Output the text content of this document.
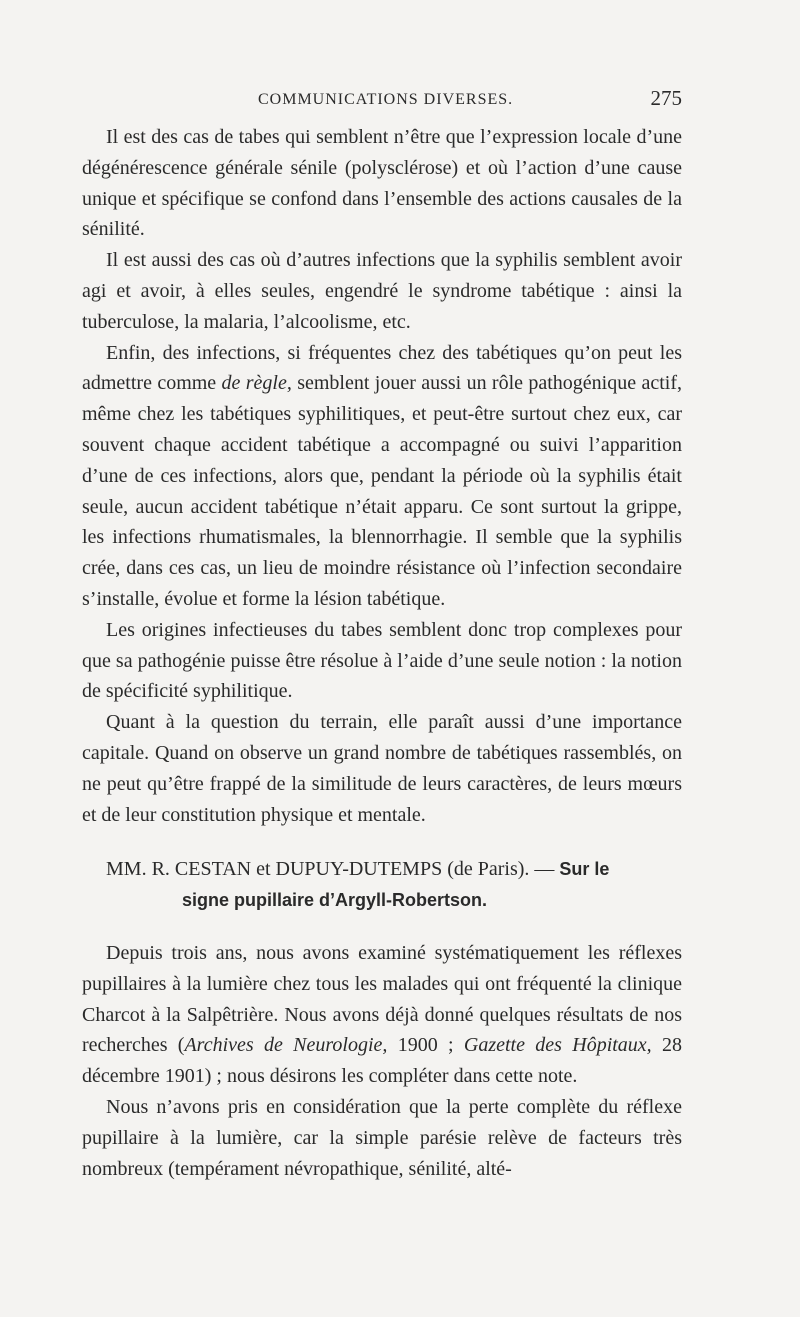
COMMUNICATIONS DIVERSES.	275

Il est des cas de tabes qui semblent n’être que l’expression locale d’une dégénérescence générale sénile (polysclérose) et où l’action d’une cause unique et spécifique se confond dans l’ensemble des actions causales de la sénilité.

Il est aussi des cas où d’autres infections que la syphilis semblent avoir agi et avoir, à elles seules, engendré le syndrome tabétique : ainsi la tuberculose, la malaria, l’alcoolisme, etc.

Enfin, des infections, si fréquentes chez des tabétiques qu’on peut les admettre comme de règle, semblent jouer aussi un rôle pathogénique actif, même chez les tabétiques syphilitiques, et peut-être surtout chez eux, car souvent chaque accident tabétique a accompagné ou suivi l’apparition d’une de ces infections, alors que, pendant la période où la syphilis était seule, aucun accident tabétique n’était apparu. Ce sont surtout la grippe, les infections rhumatismales, la blennorrhagie. Il semble que la syphilis crée, dans ces cas, un lieu de moindre résistance où l’infection secondaire s’installe, évolue et forme la lésion tabétique.

Les origines infectieuses du tabes semblent donc trop complexes pour que sa pathogénie puisse être résolue à l’aide d’une seule notion : la notion de spécificité syphilitique.

Quant à la question du terrain, elle paraît aussi d’une importance capitale. Quand on observe un grand nombre de tabétiques rassemblés, on ne peut qu’être frappé de la similitude de leurs caractères, de leurs mœurs et de leur constitution physique et mentale.

MM. R. CESTAN et DUPUY-DUTEMPS (de Paris). — Sur le

signe pupillaire d’Argyll-Robertson.

Depuis trois ans, nous avons examiné systématiquement les réflexes pupillaires à la lumière chez tous les malades qui ont fréquenté la clinique Charcot à la Salpêtrière. Nous avons déjà donné quelques résultats de nos recherches (Archives de Neurologie, 1900 ; Gazette des Hôpitaux, 28 décembre 1901) ; nous désirons les compléter dans cette note.

Nous n’avons pris en considération que la perte complète du réflexe pupillaire à la lumière, car la simple parésie relève de facteurs très nombreux (tempérament névropathique, sénilité, alté-
